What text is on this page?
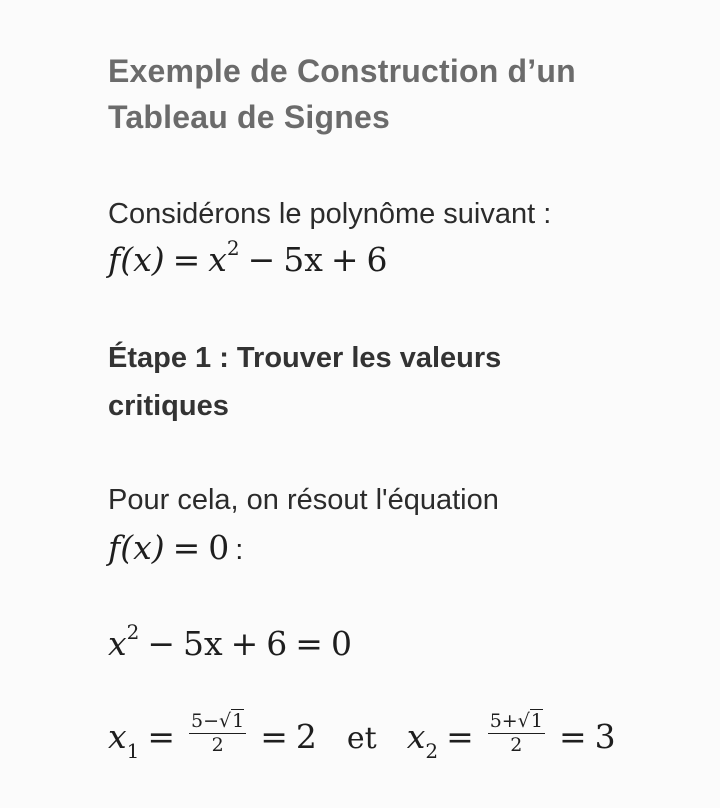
Exemple de Construction d’un
Tableau de Signes
Considérons le polynôme suivant :
$f(x) = x^2 - 5x + 6$
Étape 1 : Trouver les valeurs
critiques
Pour cela, on résout l'équation
f(x) = 0 :
$x^2 - 5x + 6 = 0$
$x_1 = \frac{5-√1}{2} = 2$ et $x_2 = \frac{5+√1}{2} = 3$
